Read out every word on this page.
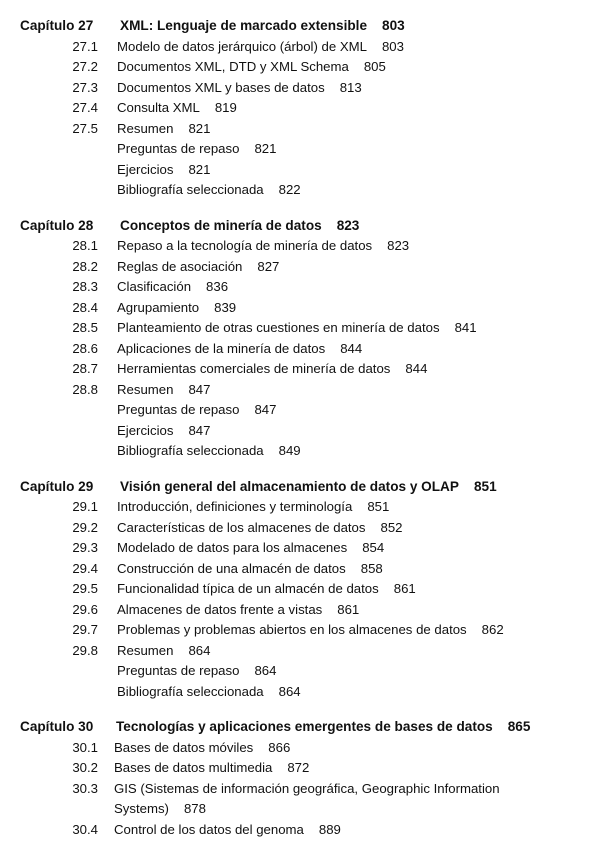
Capítulo 27	XML: Lenguaje de marcado extensible 803
27.1	Modelo de datos jerárquico (árbol) de XML 803
27.2	Documentos XML, DTD y XML Schema 805
27.3	Documentos XML y bases de datos 813
27.4	Consulta XML 819
27.5	Resumen 821
Preguntas de repaso 821
Ejercicios 821
Bibliografía seleccionada 822
Capítulo 28	Conceptos de minería de datos 823
28.1	Repaso a la tecnología de minería de datos 823
28.2	Reglas de asociación 827
28.3	Clasificación 836
28.4	Agrupamiento 839
28.5	Planteamiento de otras cuestiones en minería de datos 841
28.6	Aplicaciones de la minería de datos 844
28.7	Herramientas comerciales de minería de datos 844
28.8	Resumen 847
Preguntas de repaso 847
Ejercicios 847
Bibliografía seleccionada 849
Capítulo 29	Visión general del almacenamiento de datos y OLAP 851
29.1	Introducción, definiciones y terminología 851
29.2	Características de los almacenes de datos 852
29.3	Modelado de datos para los almacenes 854
29.4	Construcción de una almacén de datos 858
29.5	Funcionalidad típica de un almacén de datos 861
29.6	Almacenes de datos frente a vistas 861
29.7	Problemas y problemas abiertos en los almacenes de datos 862
29.8	Resumen 864
Preguntas de repaso 864
Bibliografía seleccionada 864
Capítulo 30	Tecnologías y aplicaciones emergentes de bases de datos 865
30.1	Bases de datos móviles 866
30.2	Bases de datos multimedia 872
30.3	GIS (Sistemas de información geográfica, Geographic Information Systems) 878
30.4	Control de los datos del genoma 889
